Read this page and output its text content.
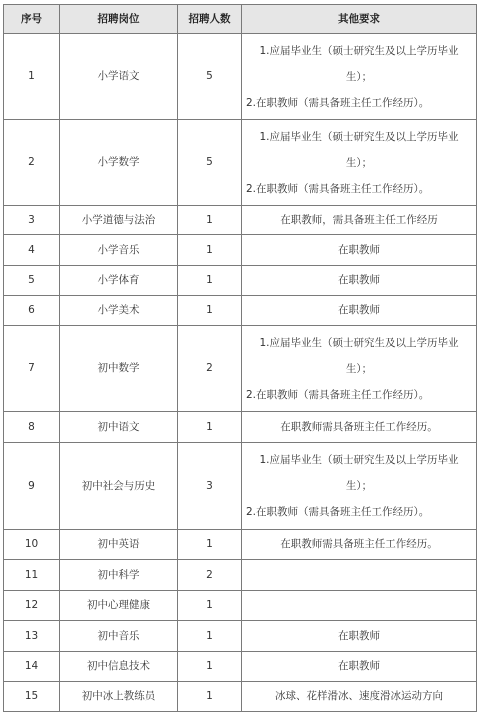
序号	招聘岗位	招聘人数	其他要求
1	小学语文	5	1.应届毕业生（硕士研究生及以上学历毕业
生）；
2.在职教师（需具备班主任工作经历）。

2	小学数学	5	1.应届毕业生（硕士研究生及以上学历毕业
生）；
2.在职教师（需具备班主任工作经历）。

3	小学道德与法治	1	在职教师，需具备班主任工作经历

4	小学音乐	1	在职教师

5	小学体育	1	在职教师

6	小学美术	1	在职教师

7	初中数学	2	1.应届毕业生（硕士研究生及以上学历毕业
生）；
2.在职教师（需具备班主任工作经历）。

8	初中语文	1	在职教师需具备班主任工作经历。

9	初中社会与历史	3	1.应届毕业生（硕士研究生及以上学历毕业
生）；
2.在职教师（需具备班主任工作经历）。

10	初中英语	1	在职教师需具备班主任工作经历。

11	初中科学	2	

12	初中心理健康	1	

13	初中音乐	1	在职教师

14	初中信息技术	1	在职教师

15	初中冰上教练员	1	冰球、花样滑冰、速度滑冰运动方向
